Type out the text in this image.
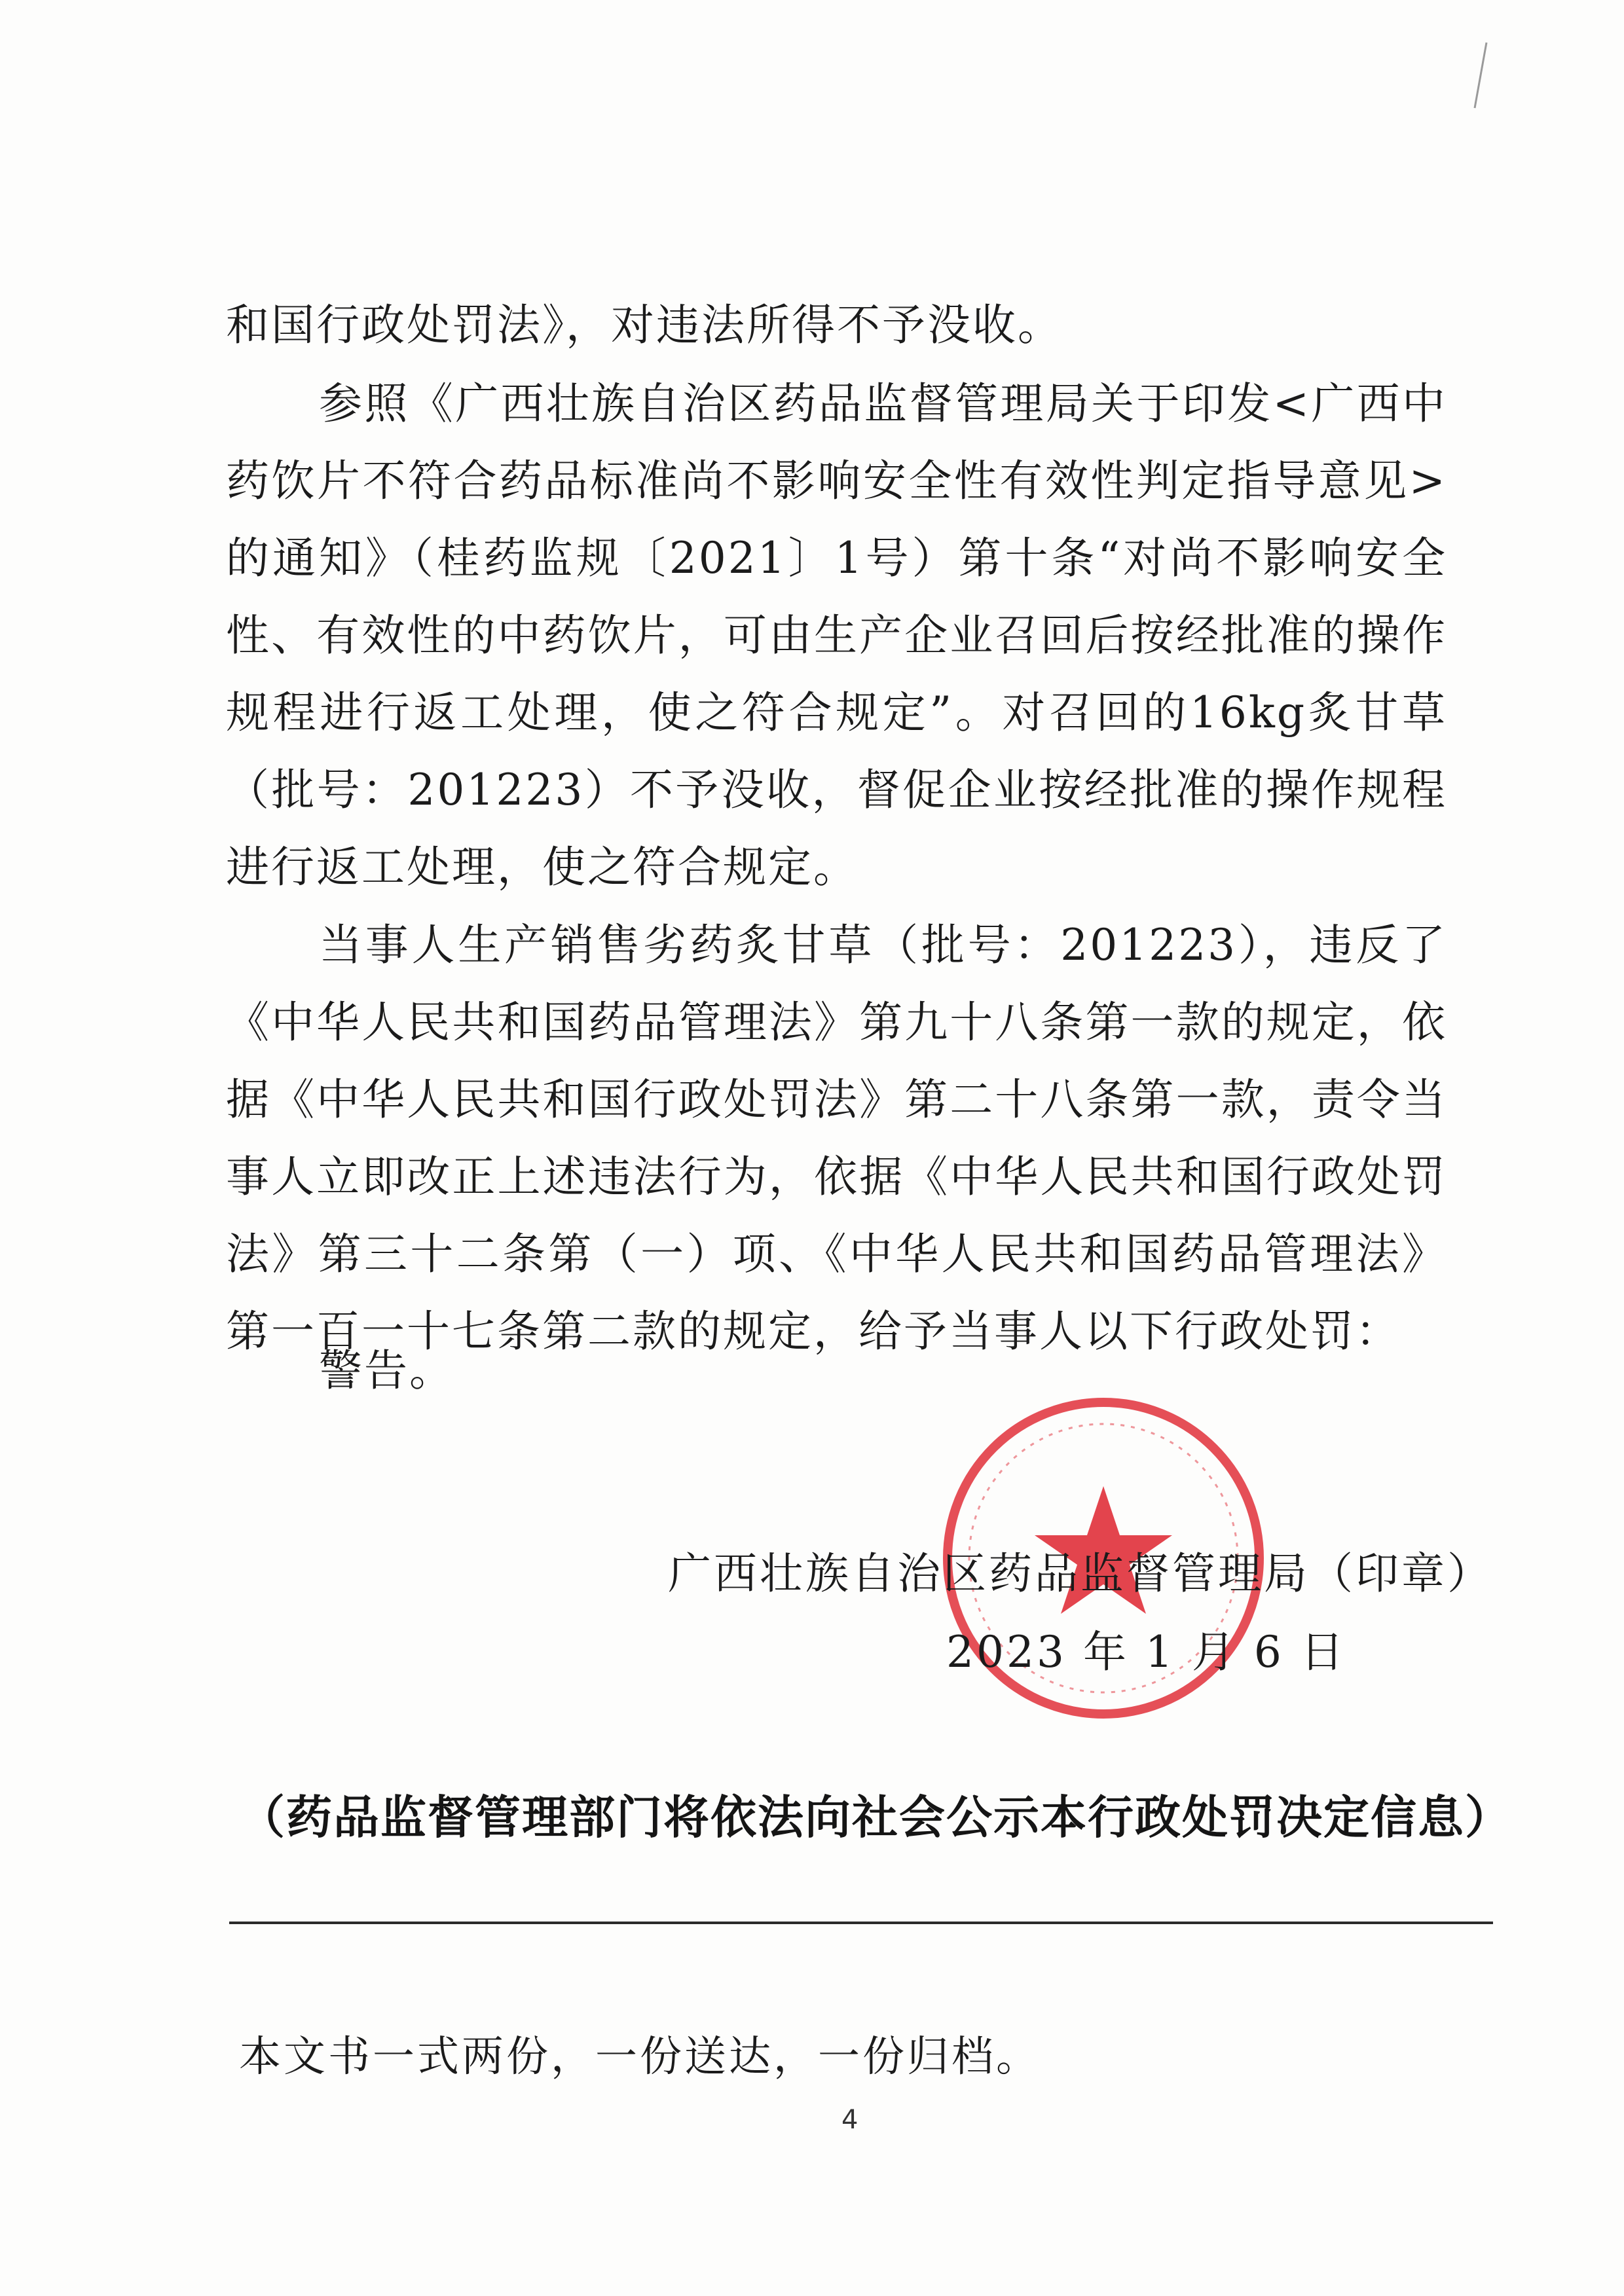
和国行政处罚法》，对违法所得不予没收。

参照《广西壮族自治区药品监督管理局关于印发<广西中药饮片不符合药品标准尚不影响安全性有效性判定指导意见>的通知》（桂药监规〔2021〕1号）第十条“对尚不影响安全性、有效性的中药饮片，可由生产企业召回后按经批准的操作规程进行返工处理，使之符合规定”。对召回的16kg炙甘草（批号：201223）不予没收，督促企业按经批准的操作规程进行返工处理，使之符合规定。

当事人生产销售劣药炙甘草（批号：201223），违反了《中华人民共和国药品管理法》第九十八条第一款的规定，依据《中华人民共和国行政处罚法》第二十八条第一款，责令当事人立即改正上述违法行为，依据《中华人民共和国行政处罚法》第三十二条第（一）项、《中华人民共和国药品管理法》第一百一十七条第二款的规定，给予当事人以下行政处罚：

警告。

广西壮族自治区药品监督管理局（印章）
2023 年 1 月 6 日
（药品监督管理部门将依法向社会公示本行政处罚决定信息）
本文书一式两份，一份送达，一份归档。
4
